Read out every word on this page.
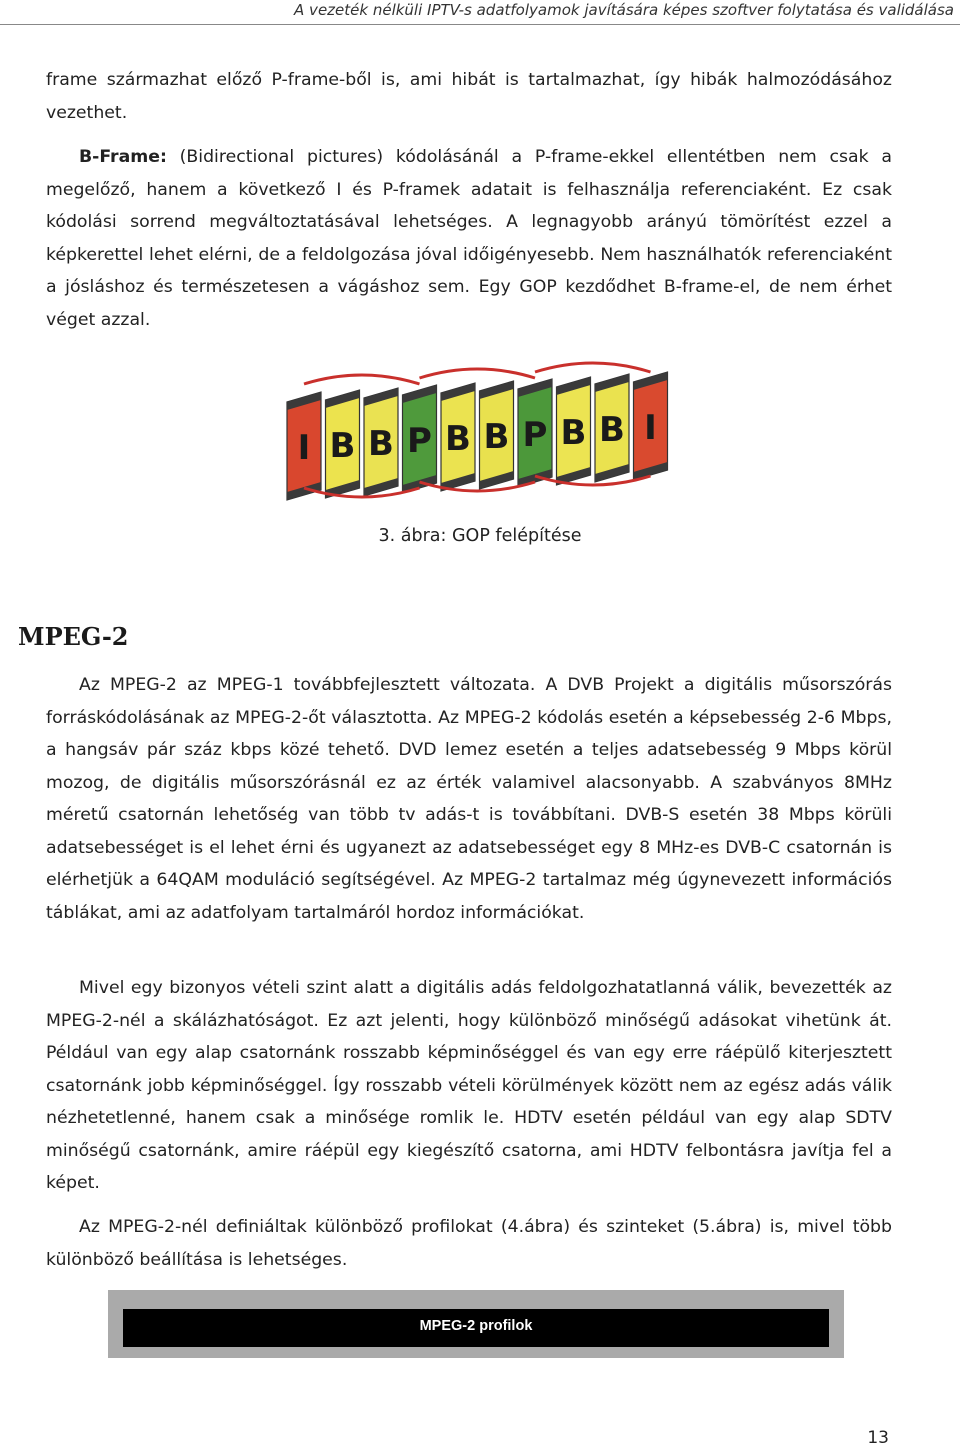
A vezeték nélküli IPTV-s adatfolyamok javítására képes szoftver folytatása és validálása

frame származhat előző P-frame-ből is, ami hibát is tartalmazhat, így hibák halmozódásához vezethet.

B-Frame: (Bidirectional pictures) kódolásánál a P-frame-ekkel ellentétben nem csak a megelőző, hanem a következő I és P-framek adatait is felhasználja referenciaként. Ez csak kódolási sorrend megváltoztatásával lehetséges. A legnagyobb arányú tömörítést ezzel a képkerettel lehet elérni, de a feldolgozása jóval időigényesebb. Nem használhatók referenciaként a jósláshoz és természetesen a vágáshoz sem. Egy GOP kezdődhet B-frame-el, de nem érhet véget azzal.

I B B P B B P B B I
3. ábra: GOP felépítése
MPEG-2

Az MPEG-2 az MPEG-1 továbbfejlesztett változata. A DVB Projekt a digitális műsorszórás forráskódolásának az MPEG-2-őt választotta. Az MPEG-2 kódolás esetén a képsebesség 2-6 Mbps, a hangsáv pár száz kbps közé tehető. DVD lemez esetén a teljes adatsebesség 9 Mbps körül mozog, de digitális műsorszórásnál ez az érték valamivel alacsonyabb. A szabványos 8MHz méretű csatornán lehetőség van több tv adás-t is továbbítani. DVB-S esetén 38 Mbps körüli adatsebességet is el lehet érni és ugyanezt az adatsebességet egy 8 MHz-es DVB-C csatornán is elérhetjük a 64QAM moduláció segítségével. Az MPEG-2 tartalmaz még úgynevezett információs táblákat, ami az adatfolyam tartalmáról hordoz információkat.

Mivel egy bizonyos vételi szint alatt a digitális adás feldolgozhatatlanná válik, bevezették az MPEG-2-nél a skálázhatóságot. Ez azt jelenti, hogy különböző minőségű adásokat vihetünk át. Például van egy alap csatornánk rosszabb képminőséggel és van egy erre ráépülő kiterjesztett csatornánk jobb képminőséggel. Így rosszabb vételi körülmények között nem az egész adás válik nézhetetlenné, hanem csak a minősége romlik le. HDTV esetén például van egy alap SDTV minőségű csatornánk, amire ráépül egy kiegészítő csatorna, ami HDTV felbontásra javítja fel a képet.

Az MPEG-2-nél definiáltak különböző profilokat (4.ábra) és szinteket (5.ábra) is, mivel több különböző beállítása is lehetséges.

MPEG-2 profilok
13
